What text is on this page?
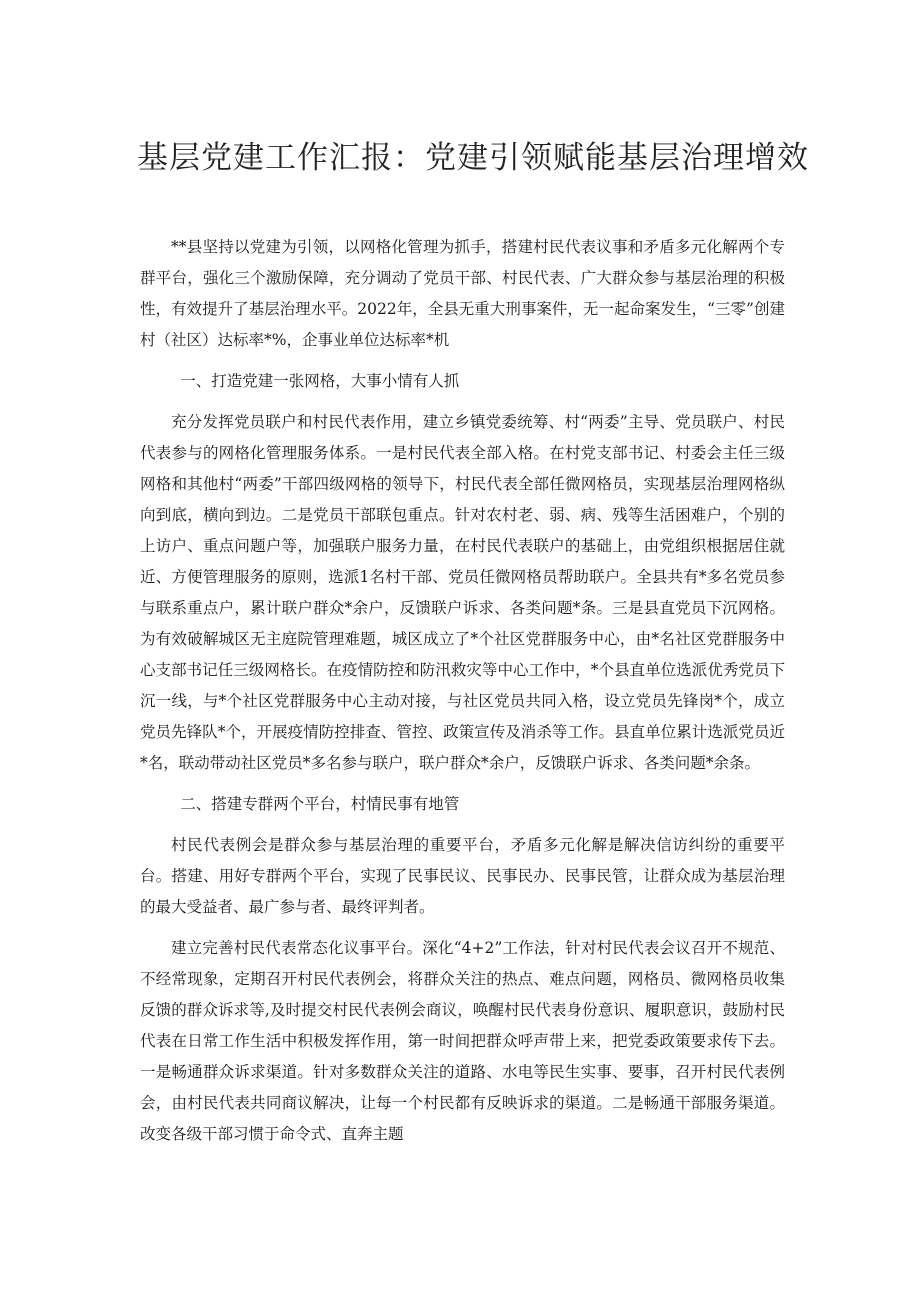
基层党建工作汇报：党建引领赋能基层治理增效

**县坚持以党建为引领，以网格化管理为抓手，搭建村民代表议事和矛盾多元化解两个专群平台，强化三个激励保障，充分调动了党员干部、村民代表、广大群众参与基层治理的积极性，有效提升了基层治理水平。2022年，全县无重大刑事案件，无一起命案发生，“三零”创建村（社区）达标率*%，企事业单位达标率*机

一、打造党建一张网格，大事小情有人抓

充分发挥党员联户和村民代表作用，建立乡镇党委统筹、村“两委”主导、党员联户、村民代表参与的网格化管理服务体系。一是村民代表全部入格。在村党支部书记、村委会主任三级网格和其他村“两委”干部四级网格的领导下，村民代表全部任微网格员，实现基层治理网格纵向到底，横向到边。二是党员干部联包重点。针对农村老、弱、病、残等生活困难户，个别的上访户、重点问题户等，加强联户服务力量，在村民代表联户的基础上，由党组织根据居住就近、方便管理服务的原则，选派1名村干部、党员任微网格员帮助联户。全县共有*多名党员参与联系重点户，累计联户群众*余户，反馈联户诉求、各类问题*条。三是县直党员下沉网格。为有效破解城区无主庭院管理难题，城区成立了*个社区党群服务中心，由*名社区党群服务中心支部书记任三级网格长。在疫情防控和防汛救灾等中心工作中，*个县直单位选派优秀党员下沉一线，与*个社区党群服务中心主动对接，与社区党员共同入格，设立党员先锋岗*个，成立党员先锋队*个，开展疫情防控排查、管控、政策宣传及消杀等工作。县直单位累计选派党员近*名，联动带动社区党员*多名参与联户，联户群众*余户，反馈联户诉求、各类问题*余条。

二、搭建专群两个平台，村情民事有地管

村民代表例会是群众参与基层治理的重要平台，矛盾多元化解是解决信访纠纷的重要平台。搭建、用好专群两个平台，实现了民事民议、民事民办、民事民管，让群众成为基层治理的最大受益者、最广参与者、最终评判者。

建立完善村民代表常态化议事平台。深化“4+2”工作法，针对村民代表会议召开不规范、不经常现象，定期召开村民代表例会，将群众关注的热点、难点问题，网格员、微网格员收集反馈的群众诉求等,及时提交村民代表例会商议，唤醒村民代表身份意识、履职意识，鼓励村民代表在日常工作生活中积极发挥作用，第一时间把群众呼声带上来，把党委政策要求传下去。一是畅通群众诉求渠道。针对多数群众关注的道路、水电等民生实事、要事，召开村民代表例会，由村民代表共同商议解决，让每一个村民都有反映诉求的渠道。二是畅通干部服务渠道。改变各级干部习惯于命令式、直奔主题
